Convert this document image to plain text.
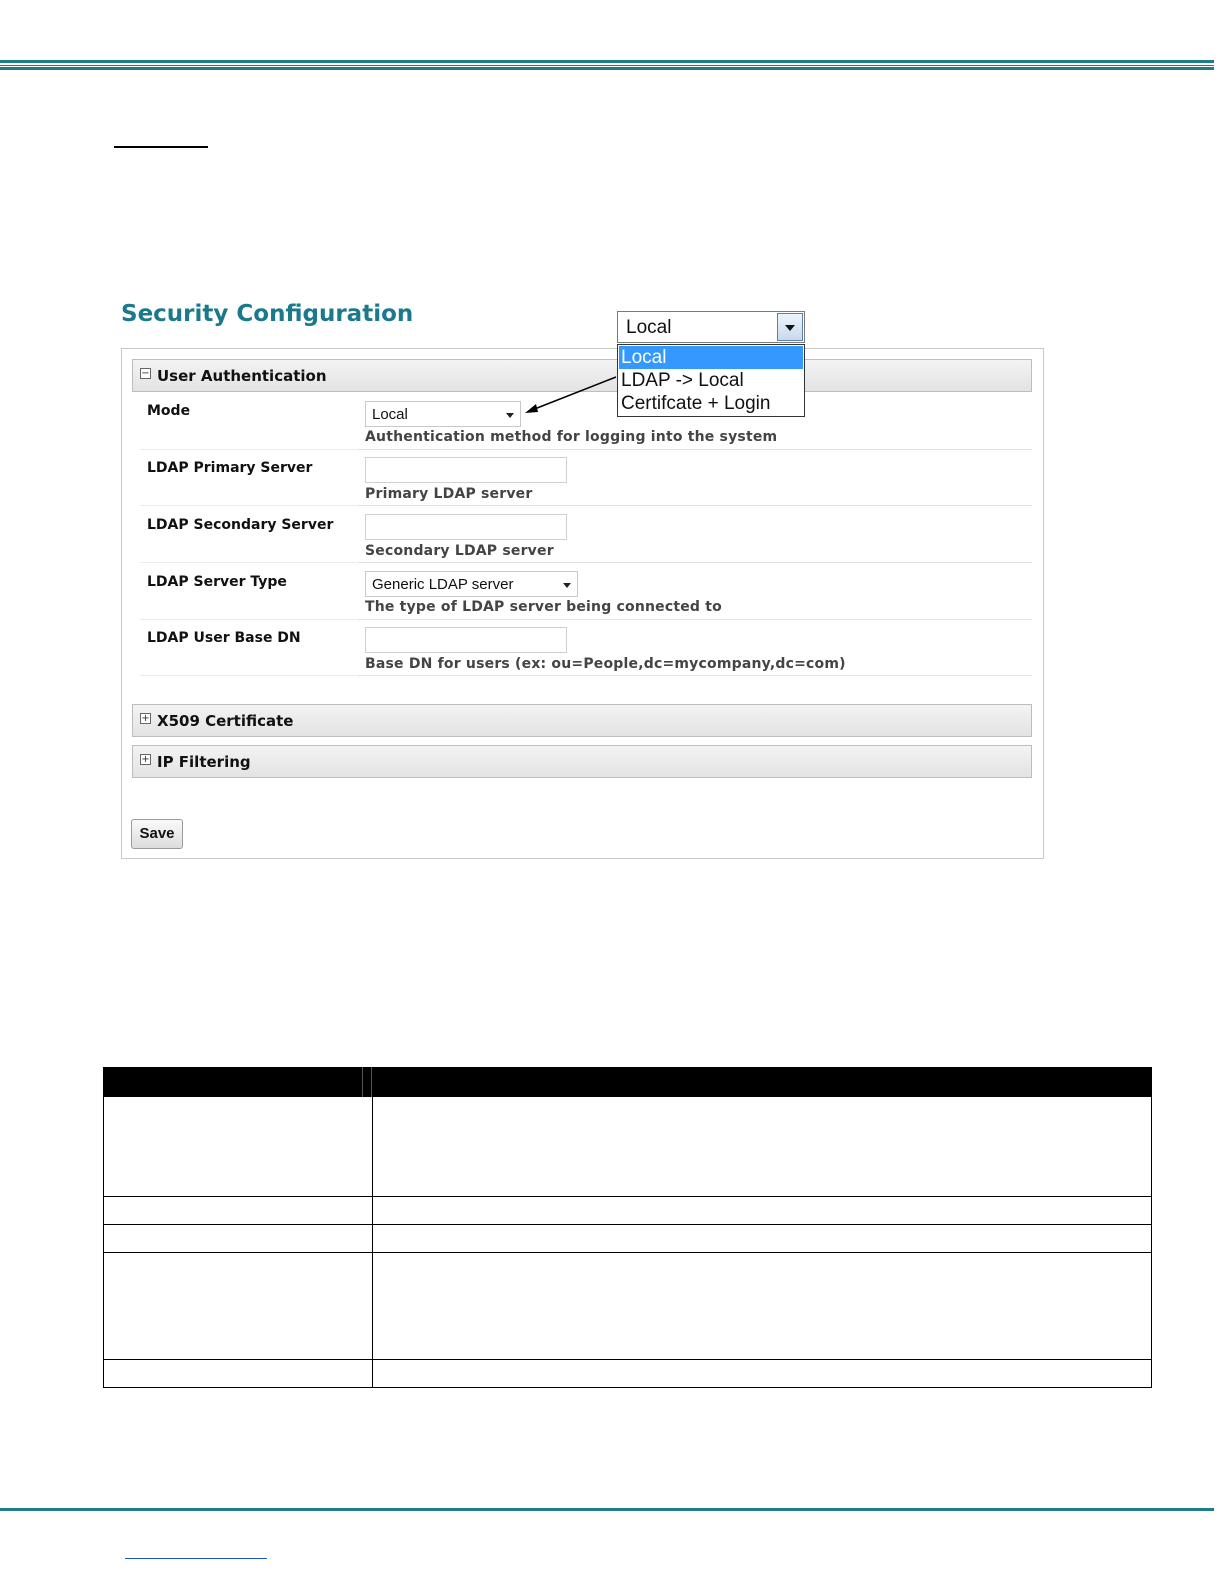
Security Configuration
− User Authentication
Mode	Local
Authentication method for logging into the system
LDAP Primary Server
Primary LDAP server
LDAP Secondary Server
Secondary LDAP server
LDAP Server Type	Generic LDAP server
The type of LDAP server being connected to
LDAP User Base DN
Base DN for users (ex: ou=People,dc=mycompany,dc=com)
+ X509 Certificate
+ IP Filtering
Save
Local
Local
LDAP -> Local
Certifcate + Login
